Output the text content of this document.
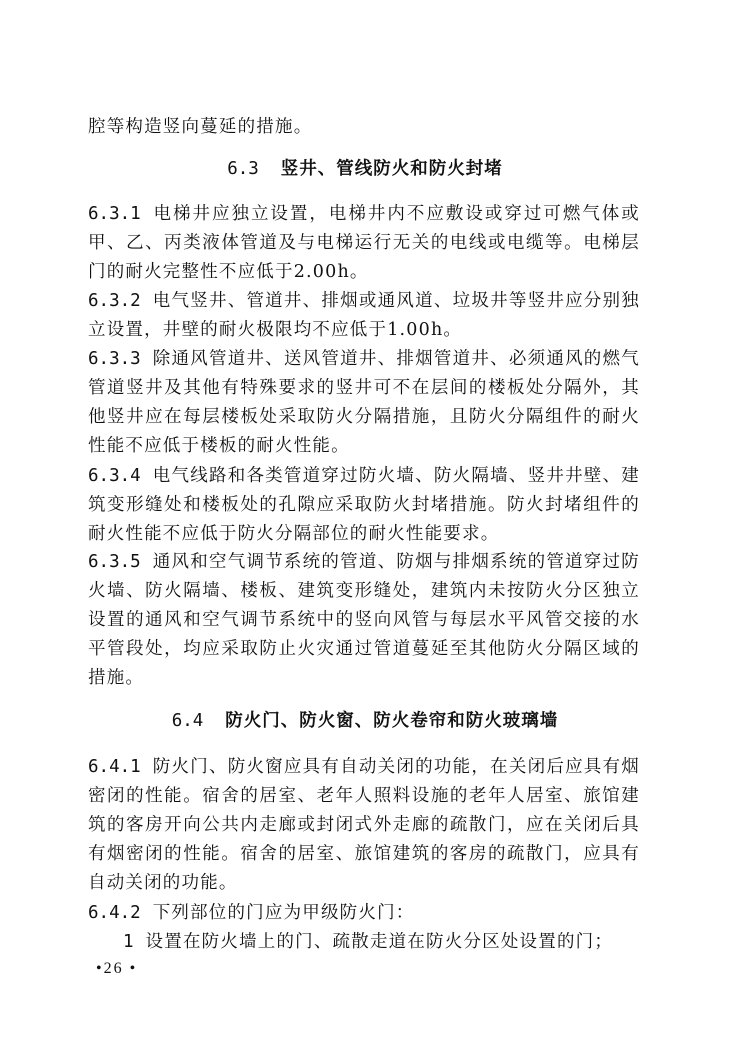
腔等构造竖向蔓延的措施。
6.3 竖井、管线防火和防火封堵
6.3.1 电梯井应独立设置，电梯井内不应敷设或穿过可燃气体或甲、乙、丙类液体管道及与电梯运行无关的电线或电缆等。电梯层门的耐火完整性不应低于2.00h。
6.3.2 电气竖井、管道井、排烟或通风道、垃圾井等竖井应分别独立设置，井壁的耐火极限均不应低于1.00h。
6.3.3 除通风管道井、送风管道井、排烟管道井、必须通风的燃气管道竖井及其他有特殊要求的竖井可不在层间的楼板处分隔外，其他竖井应在每层楼板处采取防火分隔措施，且防火分隔组件的耐火性能不应低于楼板的耐火性能。
6.3.4 电气线路和各类管道穿过防火墙、防火隔墙、竖井井壁、建筑变形缝处和楼板处的孔隙应采取防火封堵措施。防火封堵组件的耐火性能不应低于防火分隔部位的耐火性能要求。
6.3.5 通风和空气调节系统的管道、防烟与排烟系统的管道穿过防火墙、防火隔墙、楼板、建筑变形缝处，建筑内未按防火分区独立设置的通风和空气调节系统中的竖向风管与每层水平风管交接的水平管段处，均应采取防止火灾通过管道蔓延至其他防火分隔区域的措施。
6.4 防火门、防火窗、防火卷帘和防火玻璃墙
6.4.1 防火门、防火窗应具有自动关闭的功能，在关闭后应具有烟密闭的性能。宿舍的居室、老年人照料设施的老年人居室、旅馆建筑的客房开向公共内走廊或封闭式外走廊的疏散门，应在关闭后具有烟密闭的性能。宿舍的居室、旅馆建筑的客房的疏散门，应具有自动关闭的功能。
6.4.2 下列部位的门应为甲级防火门：
1 设置在防火墙上的门、疏散走道在防火分区处设置的门；
•26 •
